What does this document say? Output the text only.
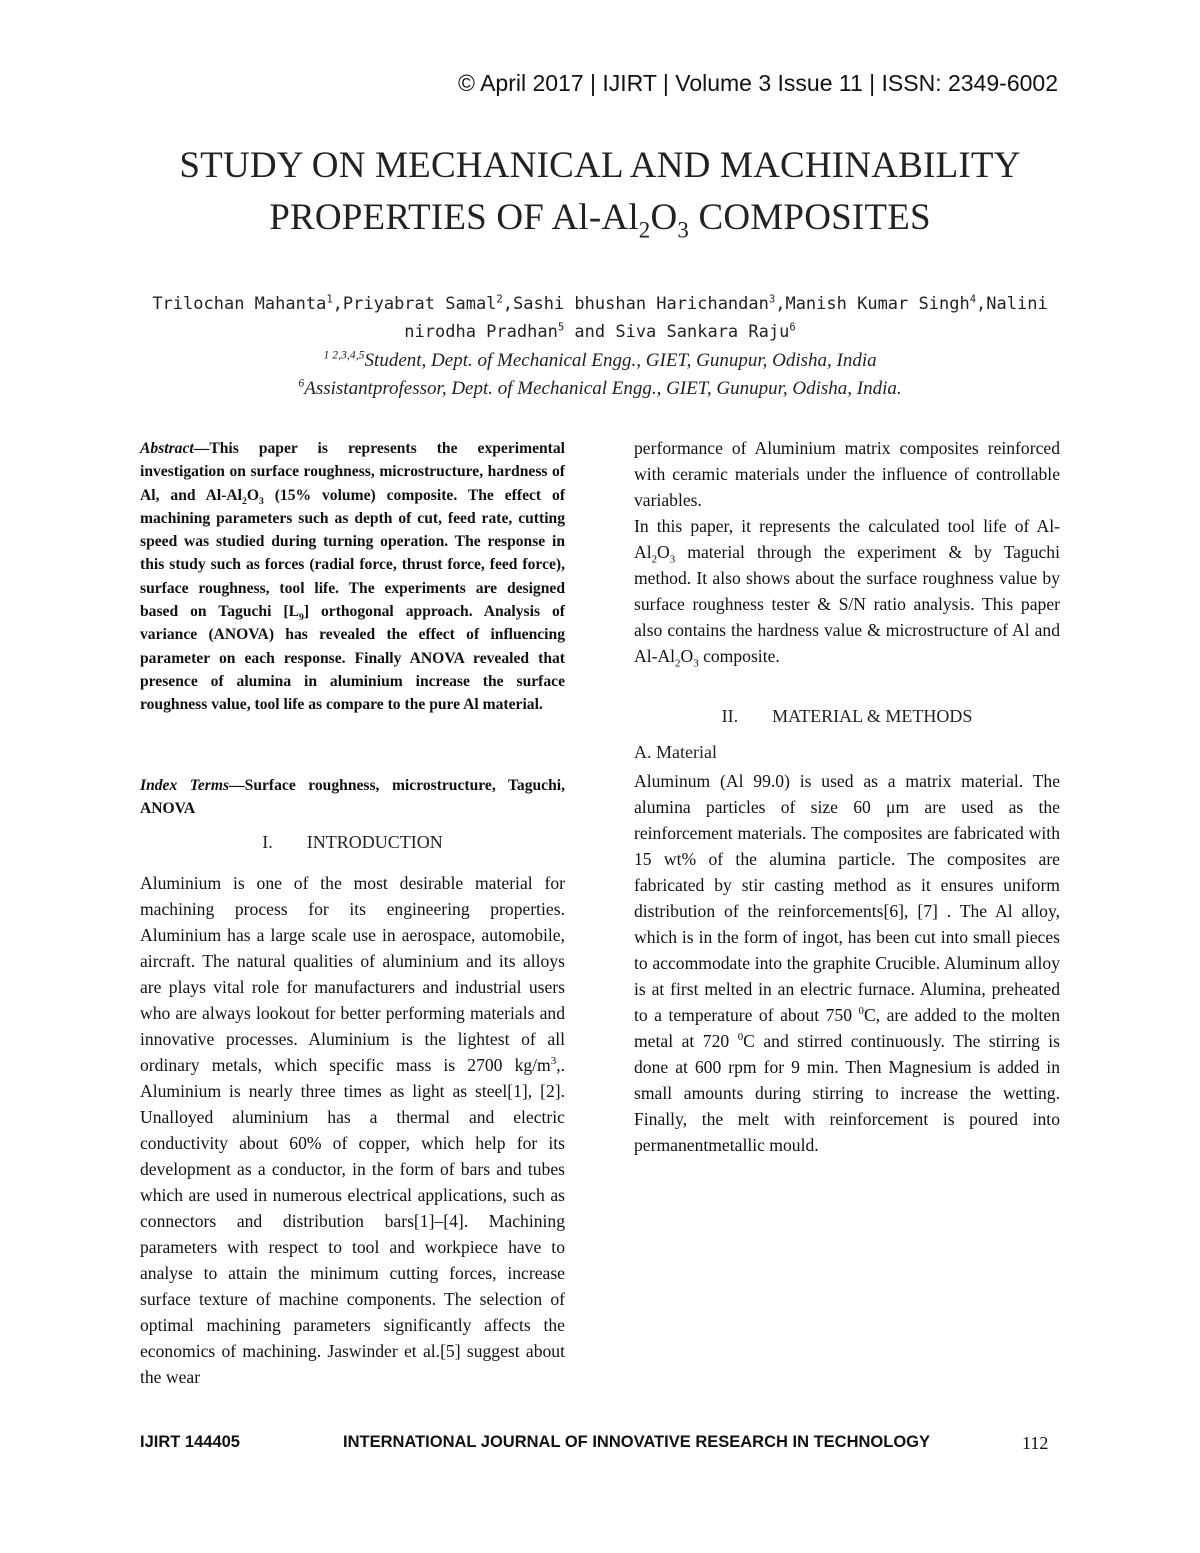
© April 2017 | IJIRT | Volume 3 Issue 11 | ISSN: 2349-6002
STUDY ON MECHANICAL AND MACHINABILITY
PROPERTIES OF $Al-Al_2O_3$ COMPOSITES
Trilochan Mahanta$^1$,Priyabrat Samal$^2$,Sashi bhushan Harichandan$^3$,Manish Kumar Singh$^4$,Nalini nirodha Pradhan$^5$ and Siva Sankara Raju$^6$
$^{1 2,3,4,5}$Student, Dept. of Mechanical Engg., GIET, Gunupur, Odisha, India
$^6$Assistantprofessor, Dept. of Mechanical Engg., GIET, Gunupur, Odisha, India.

Abstract—This paper is represents the experimental investigation on surface roughness, microstructure, hardness of Al, and $Al-Al_2O_3$ (15% volume) composite. The effect of machining parameters such as depth of cut, feed rate, cutting speed was studied during turning operation. The response in this study such as forces (radial force, thrust force, feed force), surface roughness, tool life. The experiments are designed based on Taguchi $[L_9]$ orthogonal approach. Analysis of variance (ANOVA) has revealed the effect of influencing parameter on each response. Finally ANOVA revealed that presence of alumina in aluminium increase the surface roughness value, tool life as compare to the pure Al material.

Index Terms—Surface roughness, microstructure, Taguchi, ANOVA

I. INTRODUCTION

Aluminium is one of the most desirable material for machining process for its engineering properties. Aluminium has a large scale use in aerospace, automobile, aircraft. The natural qualities of aluminium and its alloys are plays vital role for manufacturers and industrial users who are always lookout for better performing materials and innovative processes. Aluminium is the lightest of all ordinary metals, which specific mass is 2700 $kg/m^3$,. Aluminium is nearly three times as light as steel[1], [2]. Unalloyed aluminium has a thermal and electric conductivity about 60% of copper, which help for its development as a conductor, in the form of bars and tubes which are used in numerous electrical applications, such as connectors and distribution bars[1]–[4]. Machining parameters with respect to tool and workpiece have to analyse to attain the minimum cutting forces, increase surface texture of machine components. The selection of optimal machining parameters significantly affects the economics of machining. Jaswinder et al.[5] suggest about the wear

performance of Aluminium matrix composites reinforced with ceramic materials under the influence of controllable variables.

In this paper, it represents the calculated tool life of $Al-Al_2O_3$ material through the experiment & by Taguchi method. It also shows about the surface roughness value by surface roughness tester & S/N ratio analysis. This paper also contains the hardness value & microstructure of Al and $Al-Al_2O_3$ composite.

II. MATERIAL & METHODS
A. Material

Aluminum (Al 99.0) is used as a matrix material. The alumina particles of size 60 μm are used as the reinforcement materials. The composites are fabricated with 15 wt% of the alumina particle. The composites are fabricated by stir casting method as it ensures uniform distribution of the reinforcements[6], [7] . The Al alloy, which is in the form of ingot, has been cut into small pieces to accommodate into the graphite Crucible. Aluminum alloy is at first melted in an electric furnace. Alumina, preheated to a temperature of about 750 $^0$C, are added to the molten metal at 720 $^0$C and stirred continuously. The stirring is done at 600 rpm for 9 min. Then Magnesium is added in small amounts during stirring to increase the wetting. Finally, the melt with reinforcement is poured into permanentmetallic mould.

IJIRT 144405	INTERNATIONAL JOURNAL OF INNOVATIVE RESEARCH IN TECHNOLOGY	112
